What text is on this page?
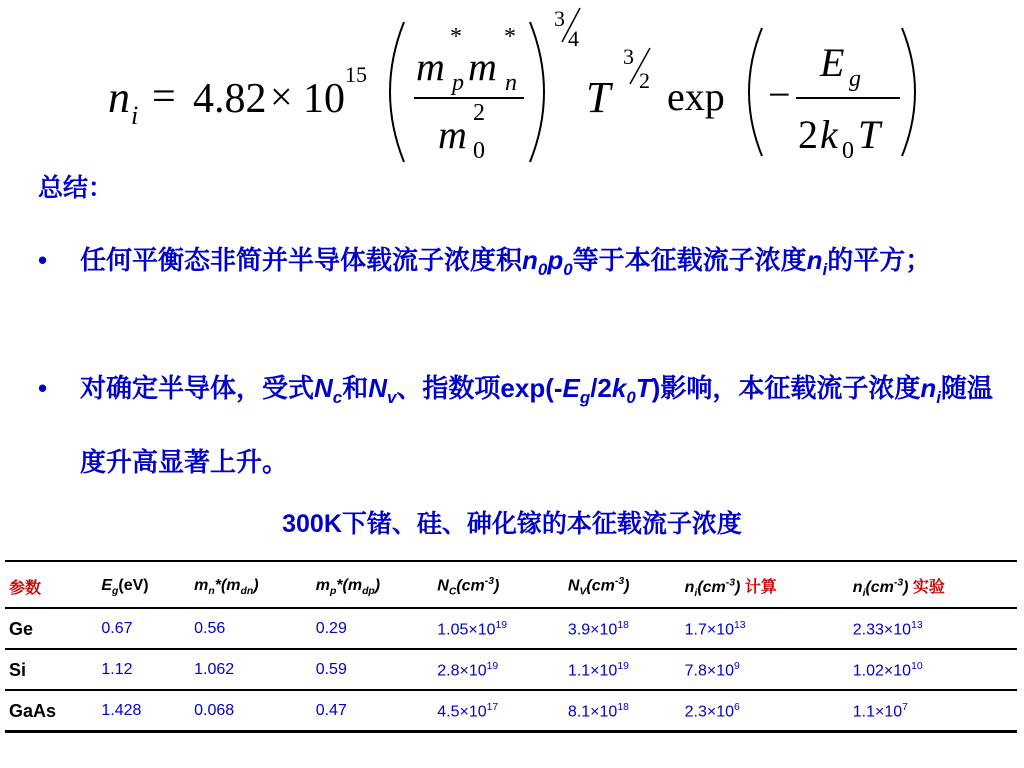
n i = 4.82 × 10
15 m
*
p m
*
n
m 2
0
3
4
T
3
2 exp −
E g
2 k 0 T
总结：
• 任何平衡态非简并半导体载流子浓度积$n_0p_0$等于本征载流子浓度$n_i$的平方；
• 对确定半导体，受式$N_c$和$N_v$、指数项$\exp(-E_g/2k_0T)$影响，本征载流子浓度$n_i$随温度升高显著上升。
300K下锗、硅、砷化镓的本征载流子浓度
参数	$E_g(eV)$	$m_n*(m_{dn})$	$m_p*(m_{dp})$	$N_C(cm^{-3})$	$N_V(cm^{-3})$	$n_i(cm^{-3})$ 计算	$n_i(cm^{-3})$ 实验
Ge	0.67	0.56	0.29	$1.05\times 10^{19}$	$3.9\times 10^{18}$	$1.7\times 10^{13}$	$2.33\times 10^{13}$
Si	1.12	1.062	0.59	$2.8\times 10^{19}$	$1.1\times 10^{19}$	$7.8\times 10^9$	$1.02\times 10^{10}$
GaAs	1.428	0.068	0.47	$4.5\times 10^{17}$	$8.1\times 10^{18}$	$2.3\times 10^6$	$1.1\times 10^7$
